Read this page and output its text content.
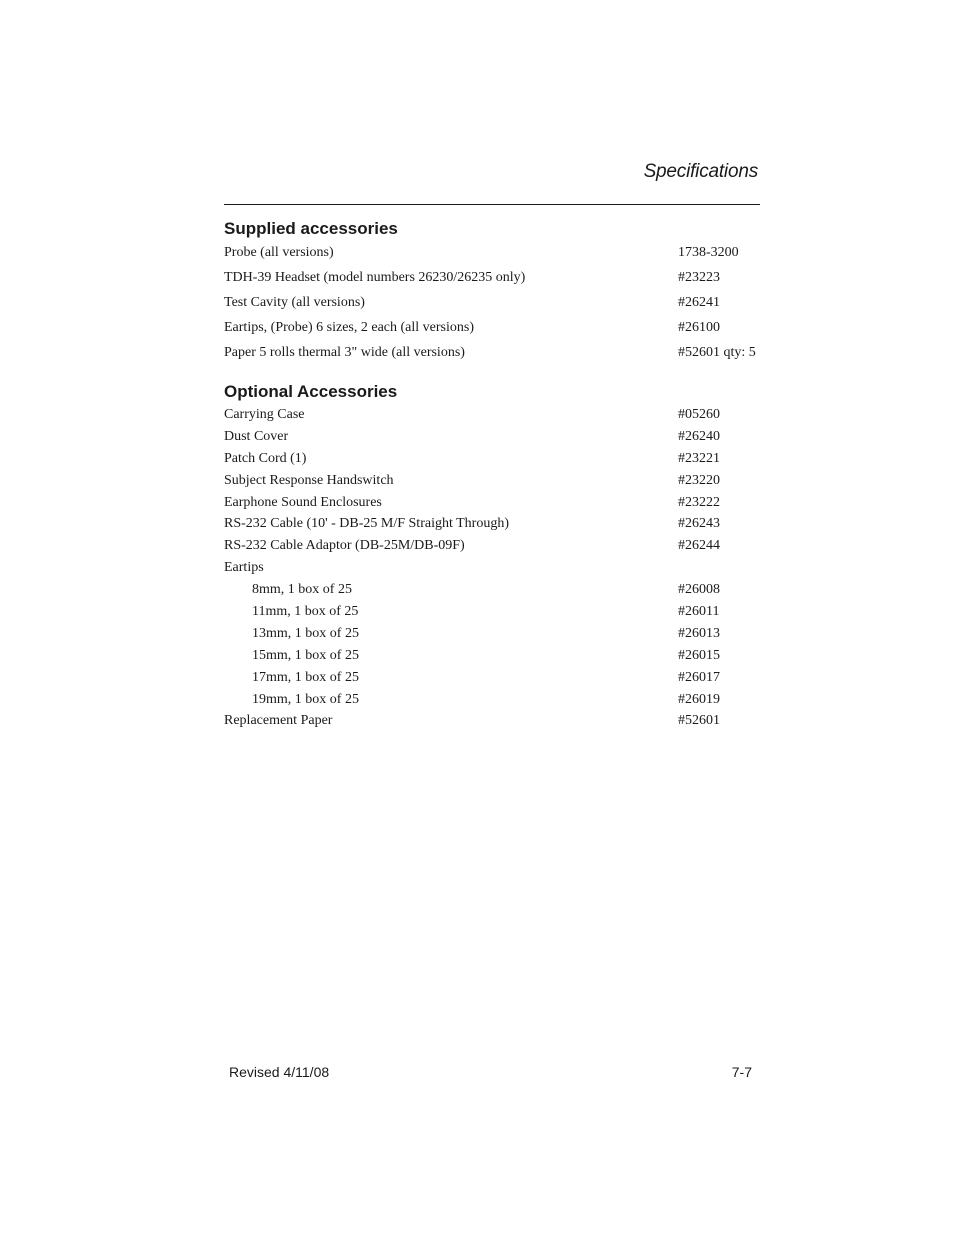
Specifications
Supplied accessories
Probe (all versions)	1738-3200
TDH-39 Headset (model numbers 26230/26235 only)	#23223
Test Cavity (all versions)	#26241
Eartips, (Probe) 6 sizes, 2 each (all versions)	#26100
Paper 5 rolls thermal 3" wide (all versions)	#52601 qty: 5
Optional Accessories
Carrying Case	#05260
Dust Cover	#26240
Patch Cord (1)	#23221
Subject Response Handswitch	#23220
Earphone Sound Enclosures	#23222
RS-232 Cable (10' - DB-25 M/F Straight Through)	#26243
RS-232 Cable Adaptor (DB-25M/DB-09F)	#26244
Eartips
8mm, 1 box of 25	#26008
11mm, 1 box of 25	#26011
13mm, 1 box of 25	#26013
15mm, 1 box of 25	#26015
17mm, 1 box of 25	#26017
19mm, 1 box of 25	#26019
Replacement Paper	#52601
Revised 4/11/08	7-7
